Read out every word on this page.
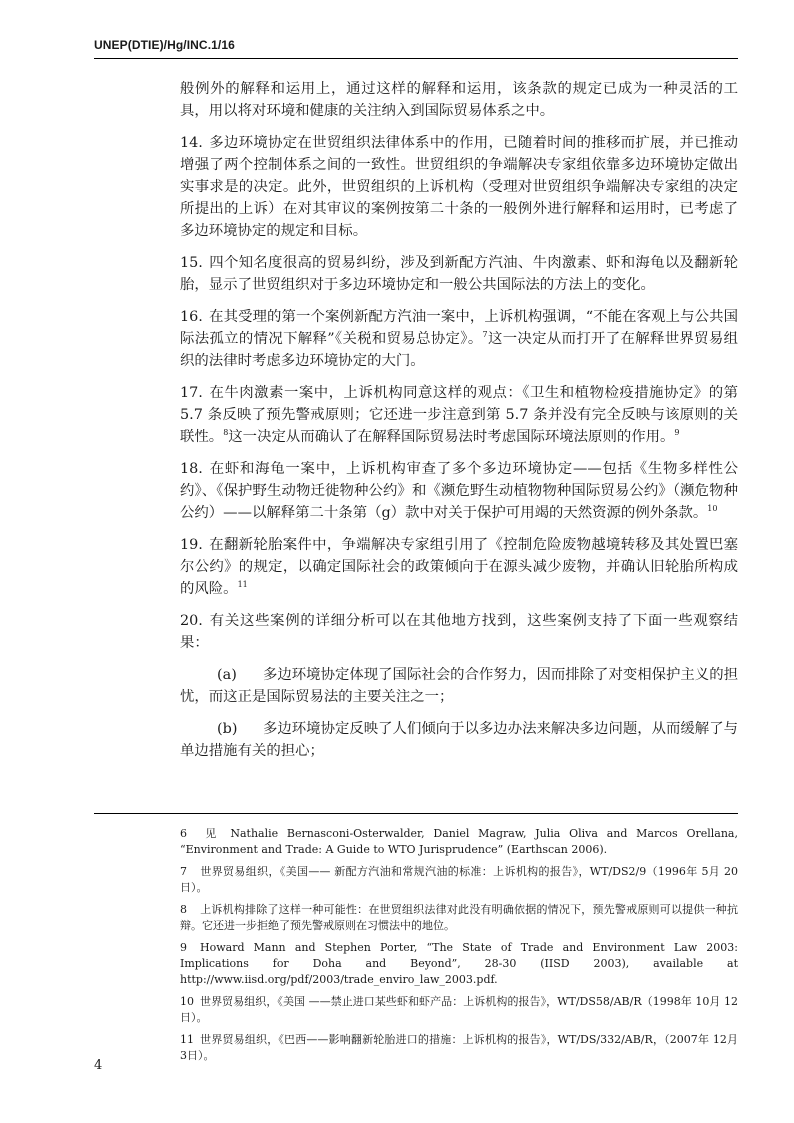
UNEP(DTIE)/Hg/INC.1/16

般例外的解释和运用上，通过这样的解释和运用，该条款的规定已成为一种灵活的工具，用以将对环境和健康的关注纳入到国际贸易体系之中。

14. 多边环境协定在世贸组织法律体系中的作用，已随着时间的推移而扩展，并已推动增强了两个控制体系之间的一致性。世贸组织的争端解决专家组依靠多边环境协定做出实事求是的决定。此外，世贸组织的上诉机构（受理对世贸组织争端解决专家组的决定所提出的上诉）在对其审议的案例按第二十条的一般例外进行解释和运用时，已考虑了多边环境协定的规定和目标。

15. 四个知名度很高的贸易纠纷，涉及到新配方汽油、牛肉激素、虾和海龟以及翻新轮胎，显示了世贸组织对于多边环境协定和一般公共国际法的方法上的变化。

16. 在其受理的第一个案例新配方汽油一案中，上诉机构强调，“不能在客观上与公共国际法孤立的情况下解释”《关税和贸易总协定》。$^7$这一决定从而打开了在解释世界贸易组织的法律时考虑多边环境协定的大门。

17. 在牛肉激素一案中，上诉机构同意这样的观点：《卫生和植物检疫措施协定》的第 5.7 条反映了预先警戒原则；它还进一步注意到第 5.7 条并没有完全反映与该原则的关联性。$^8$这一决定从而确认了在解释国际贸易法时考虑国际环境法原则的作用。$^9$

18. 在虾和海龟一案中，上诉机构审查了多个多边环境协定——包括《生物多样性公约》、《保护野生动物迁徙物种公约》和《濒危野生动植物物种国际贸易公约》（濒危物种公约）——以解释第二十条第（g）款中对关于保护可用竭的天然资源的例外条款。$^{10}$

19. 在翻新轮胎案件中，争端解决专家组引用了《控制危险废物越境转移及其处置巴塞尔公约》的规定，以确定国际社会的政策倾向于在源头减少废物，并确认旧轮胎所构成的风险。$^{11}$

20. 有关这些案例的详细分析可以在其他地方找到，这些案例支持了下面一些观察结果：

(a) 多边环境协定体现了国际社会的合作努力，因而排除了对变相保护主义的担忧，而这正是国际贸易法的主要关注之一；

(b) 多边环境协定反映了人们倾向于以多边办法来解决多边问题，从而缓解了与单边措施有关的担心；

6 见 Nathalie Bernasconi-Osterwalder, Daniel Magraw, Julia Oliva and Marcos Orellana, “Environment and Trade: A Guide to WTO Jurisprudence” (Earthscan 2006).

7 世界贸易组织，《美国—— 新配方汽油和常规汽油的标准：上诉机构的报告》，WT/DS2/9（1996年 5月 20日）。

8 上诉机构排除了这样一种可能性：在世贸组织法律对此没有明确依据的情况下，预先警戒原则可以提供一种抗辩。它还进一步拒绝了预先警戒原则在习惯法中的地位。

9 Howard Mann and Stephen Porter, “The State of Trade and Environment Law 2003: Implications for Doha and Beyond”, 28-30 (IISD 2003), available at http://www.iisd.org/pdf/2003/trade_enviro_law_2003.pdf.

10 世界贸易组织，《美国 ——禁止进口某些虾和虾产品：上诉机构的报告》，WT/DS58/AB/R（1998年 10月 12日）。

11 世界贸易组织，《巴西——影响翻新轮胎进口的措施：上诉机构的报告》，WT/DS/332/AB/R，（2007年 12月 3日）。

4
